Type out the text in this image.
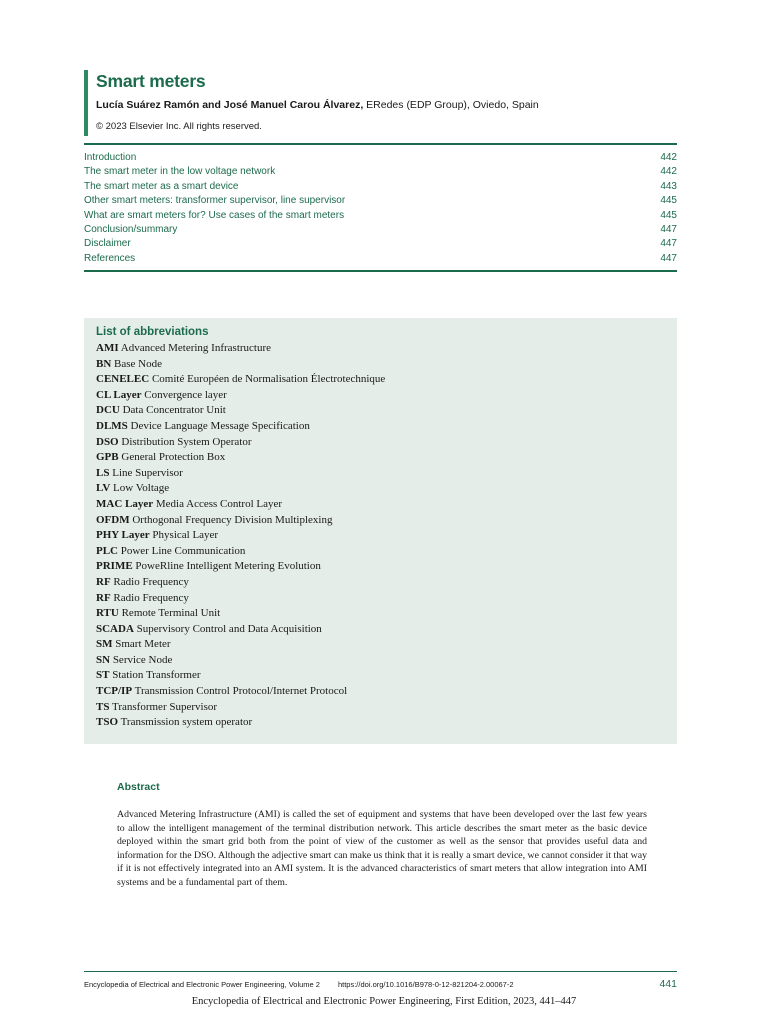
Smart meters
Lucía Suárez Ramón and José Manuel Carou Álvarez, ERedes (EDP Group), Oviedo, Spain
© 2023 Elsevier Inc. All rights reserved.
Introduction	442
The smart meter in the low voltage network	442
The smart meter as a smart device	443
Other smart meters: transformer supervisor, line supervisor	445
What are smart meters for? Use cases of the smart meters	445
Conclusion/summary	447
Disclaimer	447
References	447
List of abbreviations
AMI Advanced Metering Infrastructure
BN Base Node
CENELEC Comité Européen de Normalisation Électrotechnique
CL Layer Convergence layer
DCU Data Concentrator Unit
DLMS Device Language Message Specification
DSO Distribution System Operator
GPB General Protection Box
LS Line Supervisor
LV Low Voltage
MAC Layer Media Access Control Layer
OFDM Orthogonal Frequency Division Multiplexing
PHY Layer Physical Layer
PLC Power Line Communication
PRIME PoweRline Intelligent Metering Evolution
RF Radio Frequency
RF Radio Frequency
RTU Remote Terminal Unit
SCADA Supervisory Control and Data Acquisition
SM Smart Meter
SN Service Node
ST Station Transformer
TCP/IP Transmission Control Protocol/Internet Protocol
TS Transformer Supervisor
TSO Transmission system operator
Abstract
Advanced Metering Infrastructure (AMI) is called the set of equipment and systems that have been developed over the last few years to allow the intelligent management of the terminal distribution network. This article describes the smart meter as the basic device deployed within the smart grid both from the point of view of the customer as well as the sensor that provides useful data and information for the DSO. Although the adjective smart can make us think that it is really a smart device, we cannot consider it that way if it is not effectively integrated into an AMI system. It is the advanced characteristics of smart meters that allow integration into AMI systems and be a fundamental part of them.
Encyclopedia of Electrical and Electronic Power Engineering, Volume 2 https://doi.org/10.1016/B978-0-12-821204-2.00067-2	441
Encyclopedia of Electrical and Electronic Power Engineering, First Edition, 2023, 441–447
